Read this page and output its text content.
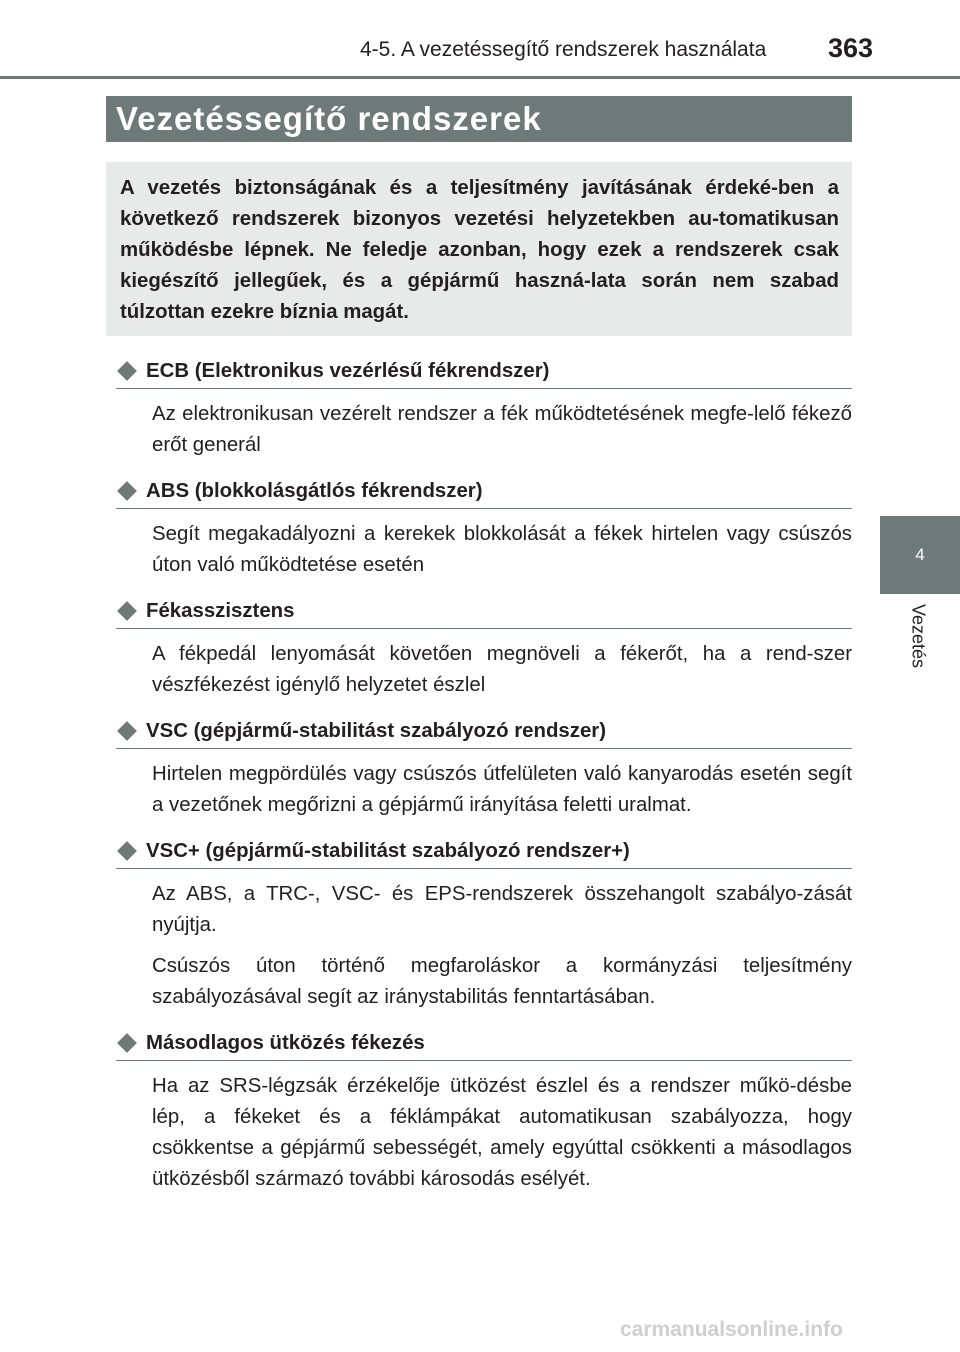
4-5. A vezetéssegítő rendszerek használata 363
4
Vezetés
Vezetéssegítő rendszerek
A vezetés biztonságának és a teljesítmény javításának érdeké-ben a következő rendszerek bizonyos vezetési helyzetekben au-tomatikusan működésbe lépnek. Ne feledje azonban, hogy ezek a rendszerek csak kiegészítő jellegűek, és a gépjármű haszná-lata során nem szabad túlzottan ezekre bíznia magát.
ECB (Elektronikus vezérlésű fékrendszer)
Az elektronikusan vezérelt rendszer a fék működtetésének megfe-lelő fékező erőt generál
ABS (blokkolásgátlós fékrendszer)
Segít megakadályozni a kerekek blokkolását a fékek hirtelen vagy csúszós úton való működtetése esetén
Fékasszisztens
A fékpedál lenyomását követően megnöveli a fékerőt, ha a rend-szer vészfékezést igénylő helyzetet észlel
VSC (gépjármű-stabilitást szabályozó rendszer)
Hirtelen megpördülés vagy csúszós útfelületen való kanyarodás esetén segít a vezetőnek megőrizni a gépjármű irányítása feletti uralmat.
VSC+ (gépjármű-stabilitást szabályozó rendszer+)
Az ABS, a TRC-, VSC- és EPS-rendszerek összehangolt szabályo-zását nyújtja.
Csúszós úton történő megfaroláskor a kormányzási teljesítmény szabályozásával segít az iránystabilitás fenntartásában.
Másodlagos ütközés fékezés
Ha az SRS-légzsák érzékelője ütközést észlel és a rendszer műkö-désbe lép, a fékeket és a féklámpákat automatikusan szabályozza, hogy csökkentse a gépjármű sebességét, amely egyúttal csökkenti a másodlagos ütközésből származó további károsodás esélyét.
carmanualsonline.info
